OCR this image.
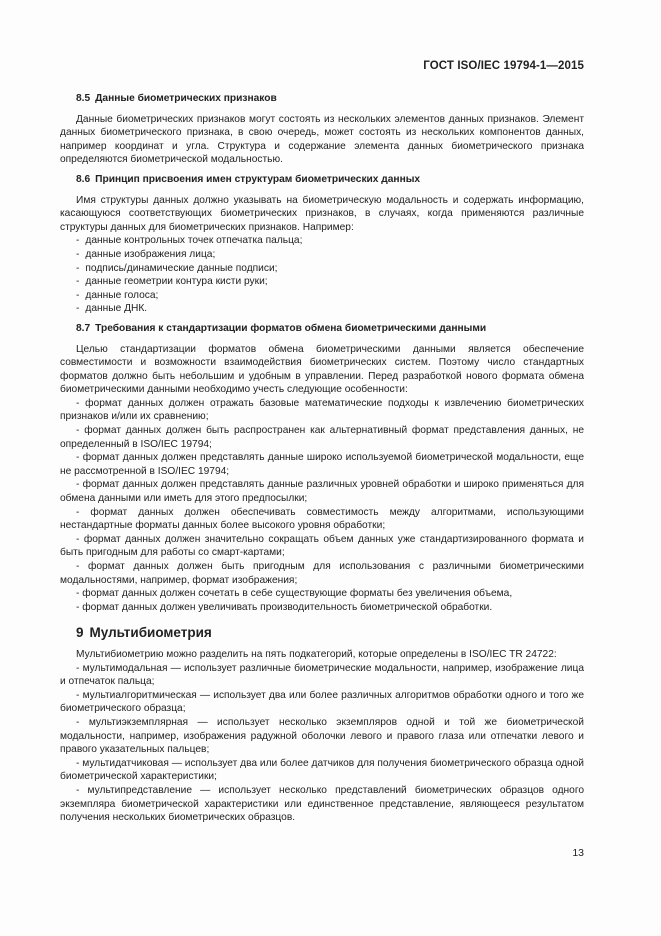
ГОСТ ISO/IEC 19794-1—2015
8.5 Данные биометрических признаков

Данные биометрических признаков могут состоять из нескольких элементов данных признаков. Элемент данных биометрического признака, в свою очередь, может состоять из нескольких компонентов данных, например координат и угла. Структура и содержание элемента данных биометрического признака определяются биометрической модальностью.

8.6 Принцип присвоения имен структурам биометрических данных

Имя структуры данных должно указывать на биометрическую модальность и содержать информацию, касающуюся соответствующих биометрических признаков, в случаях, когда применяются различные структуры данных для биометрических признаков. Например:

- данные контрольных точек отпечатка пальца;
- данные изображения лица;
- подпись/динамические данные подписи;
- данные геометрии контура кисти руки;
- данные голоса;
- данные ДНК.
8.7 Требования к стандартизации форматов обмена биометрическими данными

Целью стандартизации форматов обмена биометрическими данными является обеспечение совместимости и возможности взаимодействия биометрических систем. Поэтому число стандартных форматов должно быть небольшим и удобным в управлении. Перед разработкой нового формата обмена биометрическими данными необходимо учесть следующие особенности:

- формат данных должен отражать базовые математические подходы к извлечению биометрических признаков и/или их сравнению;

- формат данных должен быть распространен как альтернативный формат представления данных, не определенный в ISO/IEC 19794;

- формат данных должен представлять данные широко используемой биометрической модальности, еще не рассмотренной в ISO/IEC 19794;

- формат данных должен представлять данные различных уровней обработки и широко применяться для обмена данными или иметь для этого предпосылки;

- формат данных должен обеспечивать совместимость между алгоритмами, использующими нестандартные форматы данных более высокого уровня обработки;

- формат данных должен значительно сокращать объем данных уже стандартизированного формата и быть пригодным для работы со смарт-картами;

- формат данных должен быть пригодным для использования с различными биометрическими модальностями, например, формат изображения;

- формат данных должен сочетать в себе существующие форматы без увеличения объема,

- формат данных должен увеличивать производительность биометрической обработки.

9 Мультибиометрия

Мультибиометрию можно разделить на пять подкатегорий, которые определены в ISO/IEC TR 24722:

- мультимодальная — использует различные биометрические модальности, например, изображение лица и отпечаток пальца;

- мультиалгоритмическая — использует два или более различных алгоритмов обработки одного и того же биометрического образца;

- мультиэкземплярная — использует несколько экземпляров одной и той же биометрической модальности, например, изображения радужной оболочки левого и правого глаза или отпечатки левого и правого указательных пальцев;

- мультидатчиковая — использует два или более датчиков для получения биометрического образца одной биометрической характеристики;

- мультипредставление — использует несколько представлений биометрических образцов одного экземпляра биометрической характеристики или единственное представление, являющееся результатом получения нескольких биометрических образцов.

13
